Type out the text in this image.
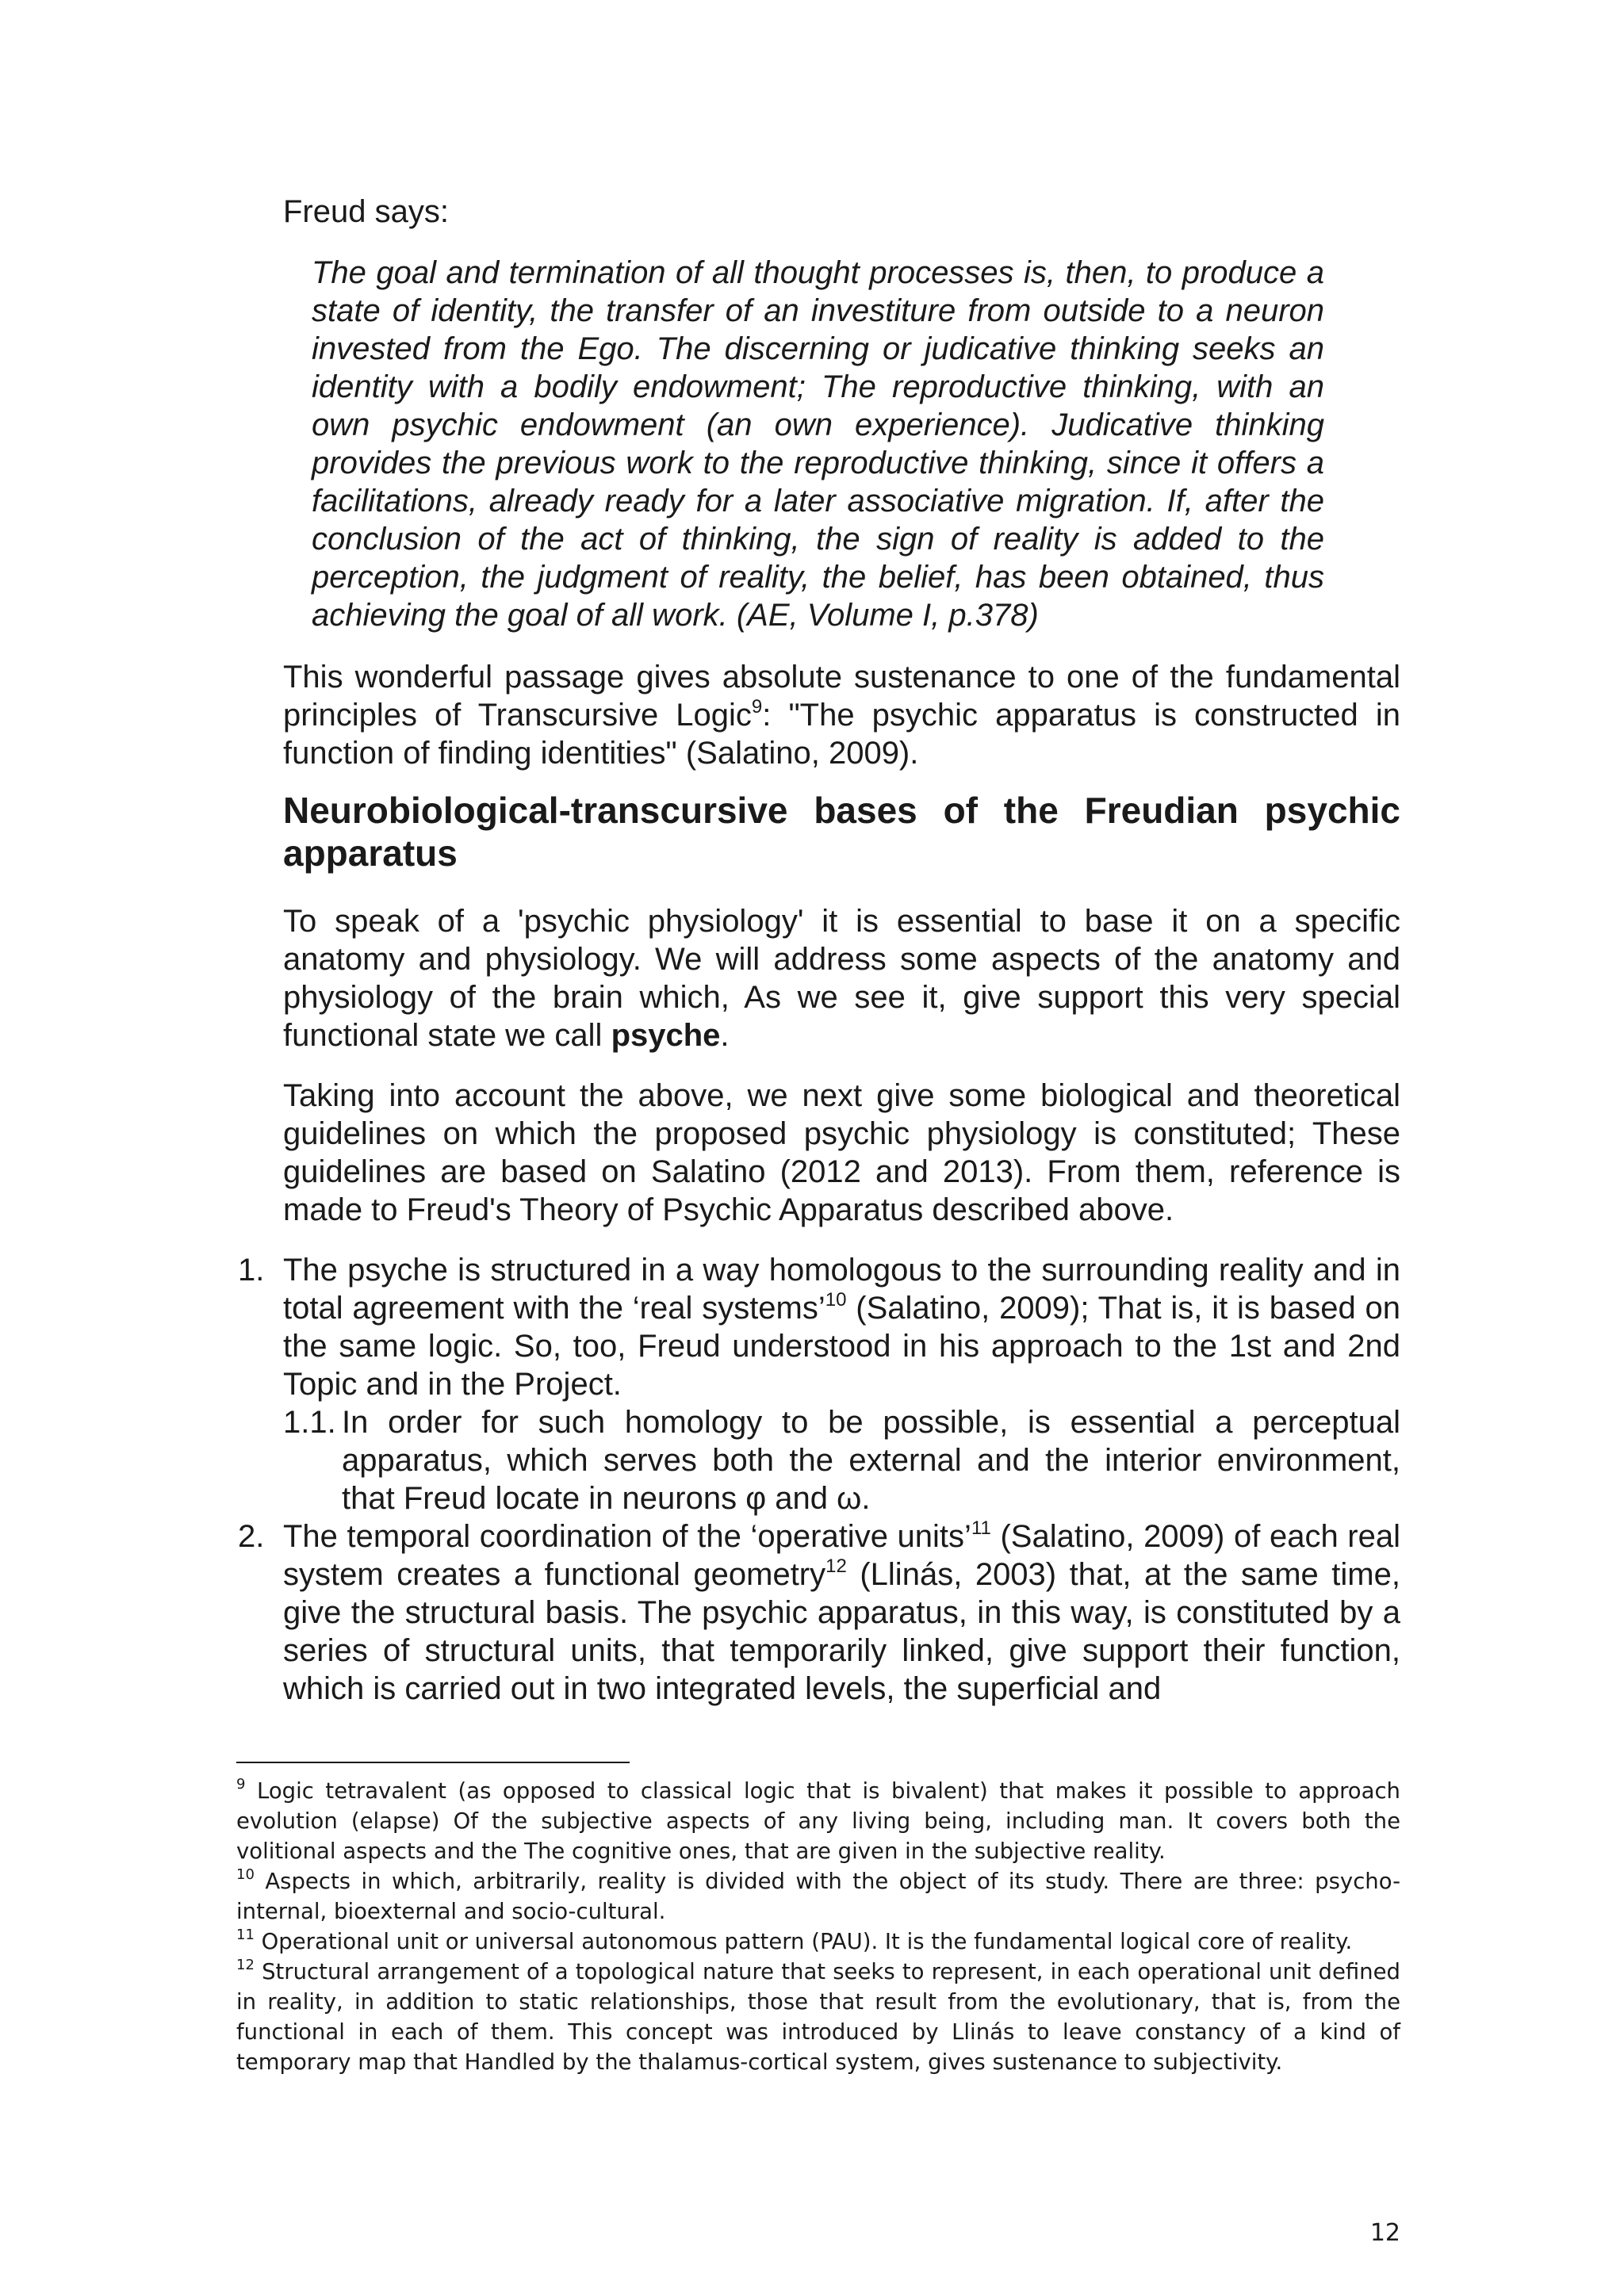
Freud says:
The goal and termination of all thought processes is, then, to produce a state of identity, the transfer of an investiture from outside to a neuron invested from the Ego. The discerning or judicative thinking seeks an identity with a bodily endowment; The reproductive thinking, with an own psychic endowment (an own experience). Judicative thinking provides the previous work to the reproductive thinking, since it offers a facilitations, already ready for a later associative migration. If, after the conclusion of the act of thinking, the sign of reality is added to the perception, the judgment of reality, the belief, has been obtained, thus achieving the goal of all work. (AE, Volume I, p.378)
This wonderful passage gives absolute sustenance to one of the fundamental principles of Transcursive Logic$^9$: "The psychic apparatus is constructed in function of finding identities" (Salatino, 2009).
Neurobiological-transcursive bases of the Freudian psychic apparatus
To speak of a 'psychic physiology' it is essential to base it on a specific anatomy and physiology. We will address some aspects of the anatomy and physiology of the brain which, As we see it, give support this very special functional state we call psyche.
Taking into account the above, we next give some biological and theoretical guidelines on which the proposed psychic physiology is constituted; These guidelines are based on Salatino (2012 and 2013). From them, reference is made to Freud's Theory of Psychic Apparatus described above.
1. The psyche is structured in a way homologous to the surrounding reality and in total agreement with the ‘real systems’$^{10}$ (Salatino, 2009); That is, it is based on the same logic. So, too, Freud understood in his approach to the 1st and 2nd Topic and in the Project.
1.1. In order for such homology to be possible, is essential a perceptual apparatus, which serves both the external and the interior environment, that Freud locate in neurons φ and ω.
2. The temporal coordination of the ‘operative units’$^{11}$ (Salatino, 2009) of each real system creates a functional geometry$^{12}$ (Llinás, 2003) that, at the same time, give the structural basis. The psychic apparatus, in this way, is constituted by a series of structural units, that temporarily linked, give support their function, which is carried out in two integrated levels, the superficial and
$^9$ Logic tetravalent (as opposed to classical logic that is bivalent) that makes it possible to approach evolution (elapse) Of the subjective aspects of any living being, including man. It covers both the volitional aspects and the The cognitive ones, that are given in the subjective reality.
$^{10}$ Aspects in which, arbitrarily, reality is divided with the object of its study. There are three: psycho-internal, bioexternal and socio-cultural.
$^{11}$ Operational unit or universal autonomous pattern (PAU). It is the fundamental logical core of reality.
$^{12}$ Structural arrangement of a topological nature that seeks to represent, in each operational unit defined in reality, in addition to static relationships, those that result from the evolutionary, that is, from the functional in each of them. This concept was introduced by Llinás to leave constancy of a kind of temporary map that Handled by the thalamus-cortical system, gives sustenance to subjectivity.
12
